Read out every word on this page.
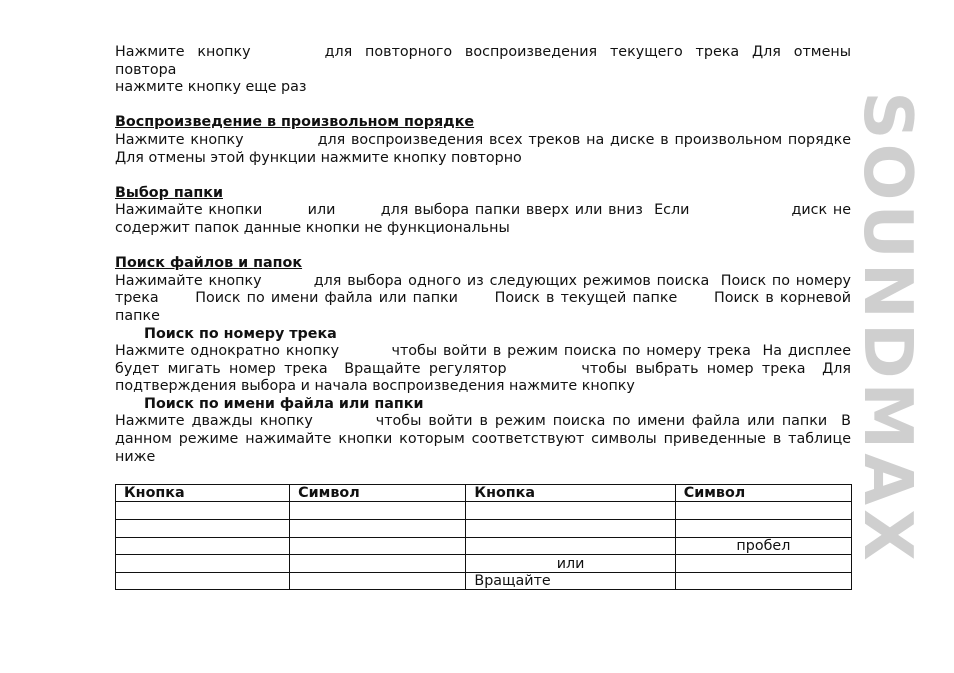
Нажмите кнопку	для повторного воспроизведения текущего трека Для отмены повтора

нажмите кнопку еще раз

Воспроизведение в произвольном порядке

Нажмите кнопку	для воспроизведения всех треков на диске в произвольном порядке

Для отмены этой функции нажмите кнопку повторно

Выбор папки

Нажимайте кнопки        или        для выбора папки вверх или вниз  Если                  диск не

содержит папок данные кнопки не функциональны

Поиск файлов и папок

Нажимайте кнопку         для выбора одного из следующих режимов поиска  Поиск по номеру

трека      Поиск по имени файла или папки      Поиск в текущей папке      Поиск в корневой

папке

Поиск по номеру трека

Нажмите однократно кнопку         чтобы войти в режим поиска по номеру трека  На дисплее

будет мигать номер трека  Вращайте регулятор         чтобы выбрать номер трека  Для

подтверждения выбора и начала воспроизведения нажмите кнопку

Поиск по имени файла или папки

Нажмите дважды кнопку         чтобы войти в режим поиска по имени файла или папки  В

данном режиме нажимайте кнопки которым соответствуют символы приведенные в таблице

ниже

Кнопка	Символ	Кнопка	Символ

			пробел
		или	
		Вращайте	
SOUNDMAX
